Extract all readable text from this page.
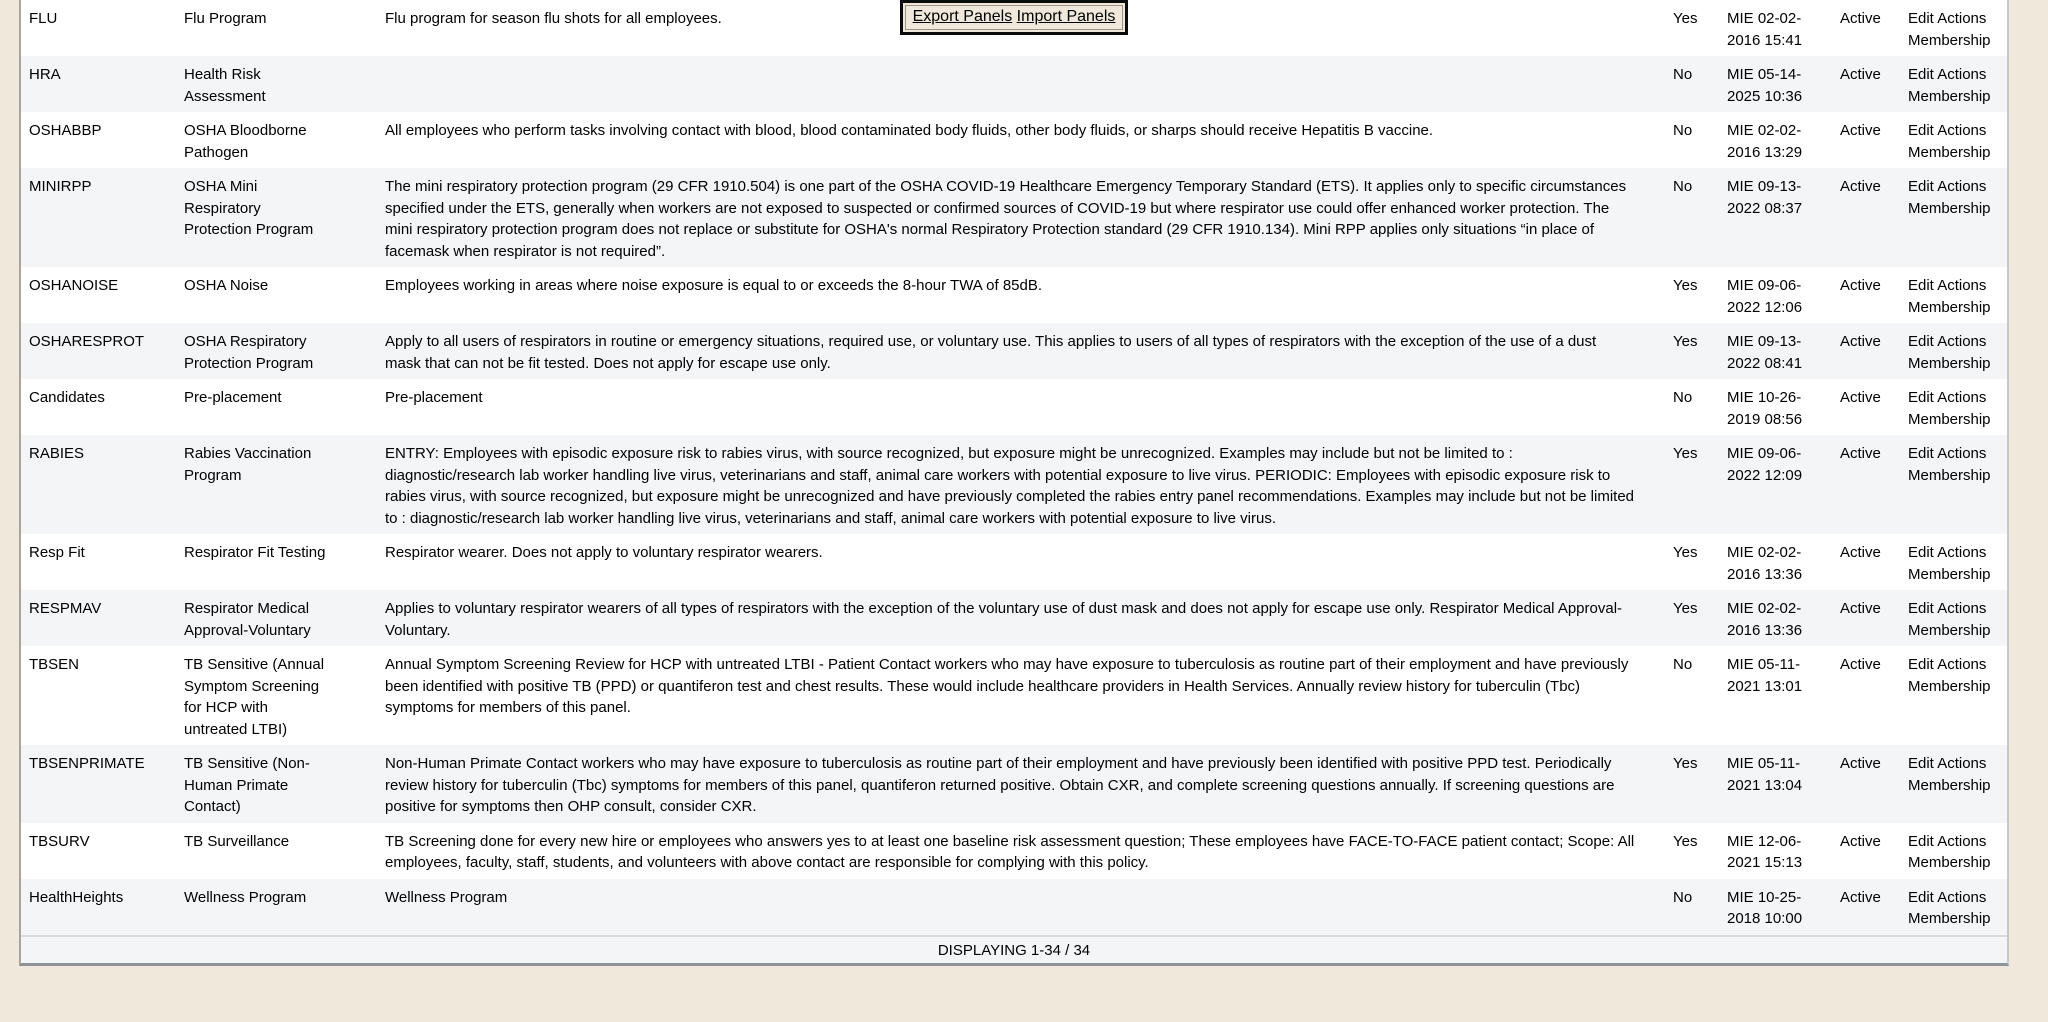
FLU	Flu Program	Flu program for season flu shots for all employees.	Yes	MIE 02-02-2016 15:41	Active	Edit Actions Membership
HRA	Health Risk Assessment		No	MIE 05-14-2025 10:36	Active	Edit Actions Membership
OSHABBP	OSHA Bloodborne Pathogen	All employees who perform tasks involving contact with blood, blood contaminated body fluids, other body fluids, or sharps should receive Hepatitis B vaccine.	No	MIE 02-02-2016 13:29	Active	Edit Actions Membership
MINIRPP	OSHA Mini Respiratory Protection Program	The mini respiratory protection program (29 CFR 1910.504) is one part of the OSHA COVID-19 Healthcare Emergency Temporary Standard (ETS). It applies only to specific circumstances specified under the ETS, generally when workers are not exposed to suspected or confirmed sources of COVID-19 but where respirator use could offer enhanced worker protection. The mini respiratory protection program does not replace or substitute for OSHA's normal Respiratory Protection standard (29 CFR 1910.134). Mini RPP applies only situations “in place of facemask when respirator is not required”.	No	MIE 09-13-2022 08:37	Active	Edit Actions Membership
OSHANOISE	OSHA Noise	Employees working in areas where noise exposure is equal to or exceeds the 8-hour TWA of 85dB.	Yes	MIE 09-06-2022 12:06	Active	Edit Actions Membership
OSHARESPROT	OSHA Respiratory Protection Program	Apply to all users of respirators in routine or emergency situations, required use, or voluntary use. This applies to users of all types of respirators with the exception of the use of a dust mask that can not be fit tested. Does not apply for escape use only.	Yes	MIE 09-13-2022 08:41	Active	Edit Actions Membership
Candidates	Pre-placement	Pre-placement	No	MIE 10-26-2019 08:56	Active	Edit Actions Membership
RABIES	Rabies Vaccination Program	ENTRY: Employees with episodic exposure risk to rabies virus, with source recognized, but exposure might be unrecognized. Examples may include but not be limited to : diagnostic/research lab worker handling live virus, veterinarians and staff, animal care workers with potential exposure to live virus. PERIODIC: Employees with episodic exposure risk to rabies virus, with source recognized, but exposure might be unrecognized and have previously completed the rabies entry panel recommendations. Examples may include but not be limited to : diagnostic/research lab worker handling live virus, veterinarians and staff, animal care workers with potential exposure to live virus.	Yes	MIE 09-06-2022 12:09	Active	Edit Actions Membership
Resp Fit	Respirator Fit Testing	Respirator wearer. Does not apply to voluntary respirator wearers.	Yes	MIE 02-02-2016 13:36	Active	Edit Actions Membership
RESPMAV	Respirator Medical Approval-Voluntary	Applies to voluntary respirator wearers of all types of respirators with the exception of the voluntary use of dust mask and does not apply for escape use only. Respirator Medical Approval-Voluntary.	Yes	MIE 02-02-2016 13:36	Active	Edit Actions Membership
TBSEN	TB Sensitive (Annual Symptom Screening for HCP with untreated LTBI)	Annual Symptom Screening Review for HCP with untreated LTBI - Patient Contact workers who may have exposure to tuberculosis as routine part of their employment and have previously been identified with positive TB (PPD) or quantiferon test and chest results. These would include healthcare providers in Health Services. Annually review history for tuberculin (Tbc) symptoms for members of this panel.	No	MIE 05-11-2021 13:01	Active	Edit Actions Membership
TBSENPRIMATE	TB Sensitive (Non-Human Primate Contact)	Non-Human Primate Contact workers who may have exposure to tuberculosis as routine part of their employment and have previously been identified with positive PPD test. Periodically review history for tuberculin (Tbc) symptoms for members of this panel, quantiferon returned positive. Obtain CXR, and complete screening questions annually. If screening questions are positive for symptoms then OHP consult, consider CXR.	Yes	MIE 05-11-2021 13:04	Active	Edit Actions Membership
TBSURV	TB Surveillance	TB Screening done for every new hire or employees who answers yes to at least one baseline risk assessment question; These employees have FACE-TO-FACE patient contact; Scope: All employees, faculty, staff, students, and volunteers with above contact are responsible for complying with this policy.	Yes	MIE 12-06-2021 15:13	Active	Edit Actions Membership
HealthHeights	Wellness Program	Wellness Program	No	MIE 10-25-2018 10:00	Active	Edit Actions Membership
DISPLAYING 1-34 / 34						
Export Panels Import Panels
